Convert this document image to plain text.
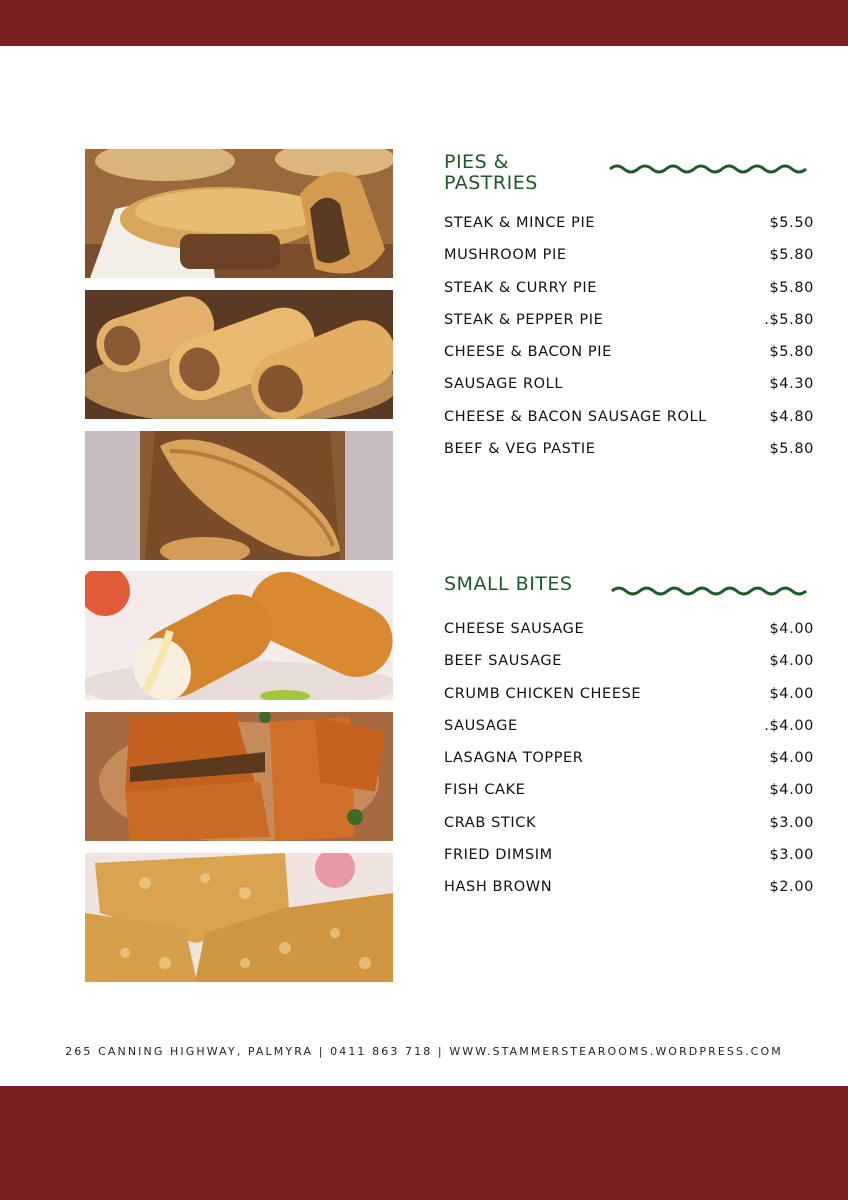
PIES &
PASTRIES
STEAK & MINCE PIE	$5.50
MUSHROOM PIE	$5.80
STEAK & CURRY PIE	$5.80
STEAK & PEPPER PIE	.$5.80
CHEESE & BACON PIE	$5.80
SAUSAGE ROLL	$4.30
CHEESE & BACON SAUSAGE ROLL	$4.80
BEEF & VEG PASTIE	$5.80
SMALL BITES
CHEESE SAUSAGE	$4.00
BEEF SAUSAGE	$4.00
CRUMB CHICKEN CHEESE	$4.00
SAUSAGE	.$4.00
LASAGNA TOPPER	$4.00
FISH CAKE	$4.00
CRAB STICK	$3.00
FRIED DIMSIM	$3.00
HASH BROWN	$2.00
265 CANNING HIGHWAY, PALMYRA | 0411 863 718 | WWW.STAMMERSTEAROOMS.WORDPRESS.COM
